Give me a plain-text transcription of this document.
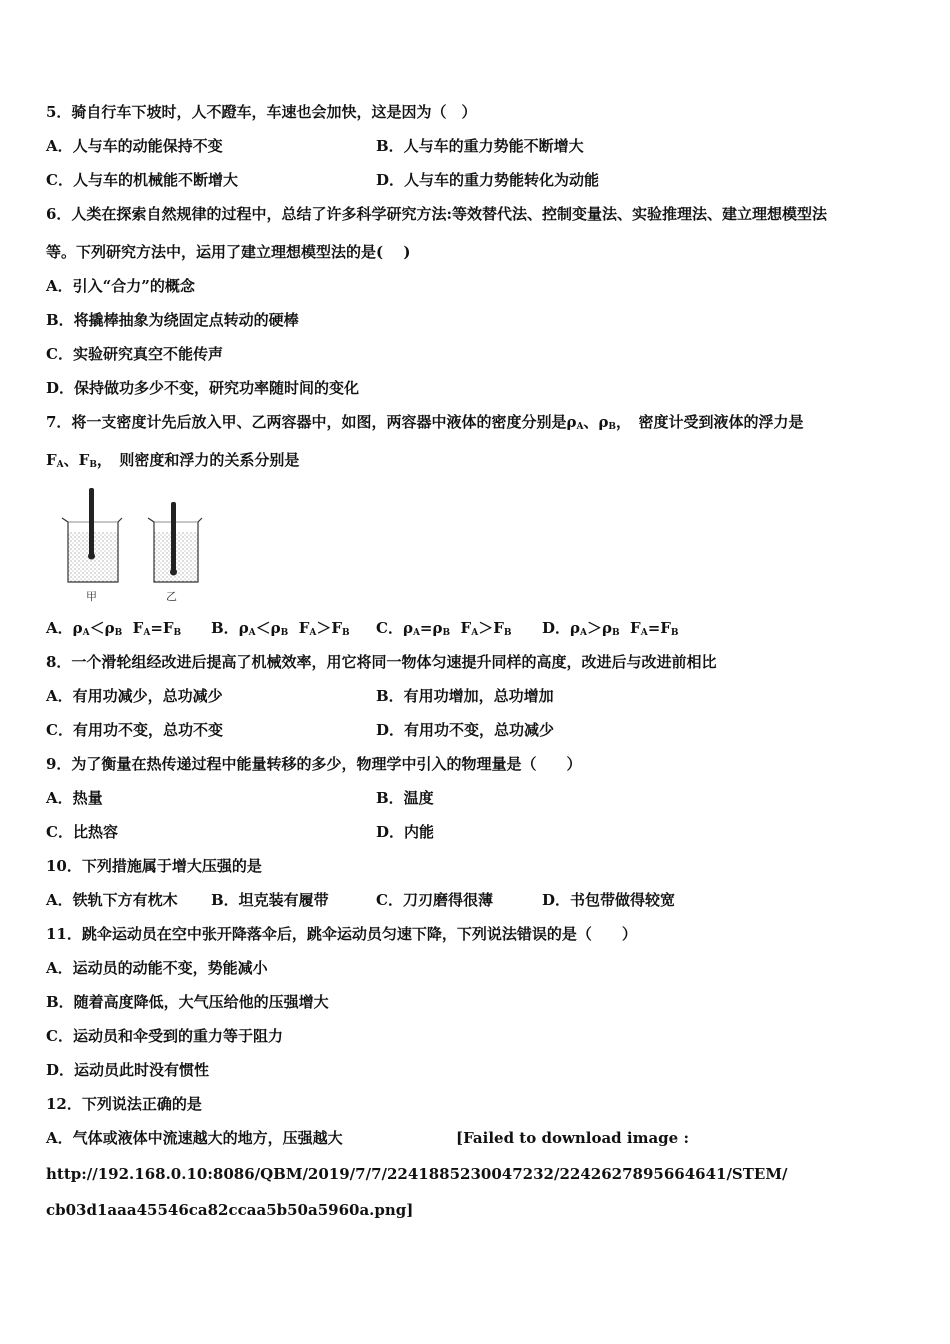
5．骑自行车下坡时，人不蹬车，车速也会加快，这是因为（　）
A．人与车的动能保持不变	B．人与车的重力势能不断增大
C．人与车的机械能不断增大	D．人与车的重力势能转化为动能
6．人类在探索自然规律的过程中，总结了许多科学研究方法:等效替代法、控制变量法、实验推理法、建立理想模型法
等。下列研究方法中，运用了建立理想模型法的是(　 )
A．引入“合力”的概念
B．将撬棒抽象为绕固定点转动的硬棒
C．实验研究真空不能传声
D．保持做功多少不变，研究功率随时间的变化
7．将一支密度计先后放入甲、乙两容器中，如图，两容器中液体的密度分别是$\rho_A$、$\rho_B$，　密度计受到液体的浮力是
$F_A$、$F_B$，　则密度和浮力的关系分别是
甲	乙
A．$\rho_A<\rho_B$ $F_A=F_B$ B．$\rho_A<\rho_B$ $F_A>F_B$ C．$\rho_A=\rho_B$ $F_A>F_B$ D．$\rho_A>\rho_B$ $F_A=F_B$
8．一个滑轮组经改进后提高了机械效率，用它将同一物体匀速提升同样的高度，改进后与改进前相比
A．有用功减少，总功减少	B．有用功增加，总功增加
C．有用功不变，总功不变	D．有用功不变，总功减少
9．为了衡量在热传递过程中能量转移的多少，物理学中引入的物理量是（　　）
A．热量	B．温度
C．比热容	D．内能
10．下列措施属于增大压强的是
A．铁轨下方有枕木 B．坦克装有履带	C．刀刃磨得很薄	D．书包带做得较宽
11．跳伞运动员在空中张开降落伞后，跳伞运动员匀速下降，下列说法错误的是（　　）
A．运动员的动能不变，势能减小
B．随着高度降低，大气压给他的压强增大
C．运动员和伞受到的重力等于阻力
D．运动员此时没有惯性
12．下列说法正确的是
A．气体或液体中流速越大的地方，压强越大	[Failed to download image :
http://192.168.0.10:8086/QBM/2019/7/7/2241885230047232/2242627895664641/STEM/
cb03d1aaa45546ca82ccaa5b50a5960a.png]
